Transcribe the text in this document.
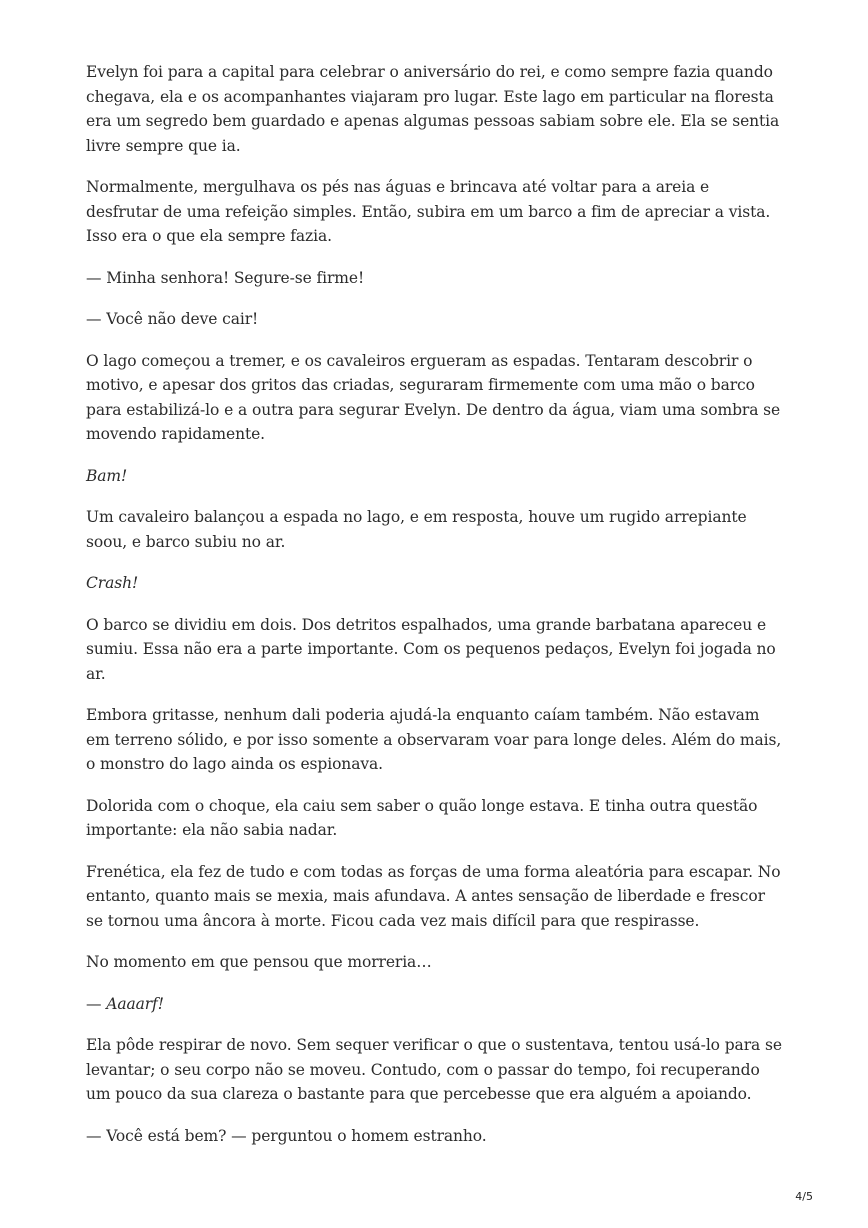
Evelyn foi para a capital para celebrar o aniversário do rei, e como sempre fazia quando chegava, ela e os acompanhantes viajaram pro lugar. Este lago em particular na floresta era um segredo bem guardado e apenas algumas pessoas sabiam sobre ele. Ela se sentia livre sempre que ia.

Normalmente, mergulhava os pés nas águas e brincava até voltar para a areia e desfrutar de uma refeição simples. Então, subira em um barco a fim de apreciar a vista. Isso era o que ela sempre fazia.

— Minha senhora! Segure-se firme!

— Você não deve cair!

O lago começou a tremer, e os cavaleiros ergueram as espadas. Tentaram descobrir o motivo, e apesar dos gritos das criadas, seguraram firmemente com uma mão o barco para estabilizá-lo e a outra para segurar Evelyn. De dentro da água, viam uma sombra se movendo rapidamente.

Bam!

Um cavaleiro balançou a espada no lago, e em resposta, houve um rugido arrepiante soou, e barco subiu no ar.

Crash!

O barco se dividiu em dois. Dos detritos espalhados, uma grande barbatana apareceu e sumiu. Essa não era a parte importante. Com os pequenos pedaços, Evelyn foi jogada no ar.

Embora gritasse, nenhum dali poderia ajudá-la enquanto caíam também. Não estavam em terreno sólido, e por isso somente a observaram voar para longe deles. Além do mais, o monstro do lago ainda os espionava.

Dolorida com o choque, ela caiu sem saber o quão longe estava. E tinha outra questão importante: ela não sabia nadar.

Frenética, ela fez de tudo e com todas as forças de uma forma aleatória para escapar. No entanto, quanto mais se mexia, mais afundava. A antes sensação de liberdade e frescor se tornou uma âncora à morte. Ficou cada vez mais difícil para que respirasse.

No momento em que pensou que morreria…

— Aaaarf!

Ela pôde respirar de novo. Sem sequer verificar o que o sustentava, tentou usá-lo para se levantar; o seu corpo não se moveu. Contudo, com o passar do tempo, foi recuperando um pouco da sua clareza o bastante para que percebesse que era alguém a apoiando.

— Você está bem? — perguntou o homem estranho.

4/5
